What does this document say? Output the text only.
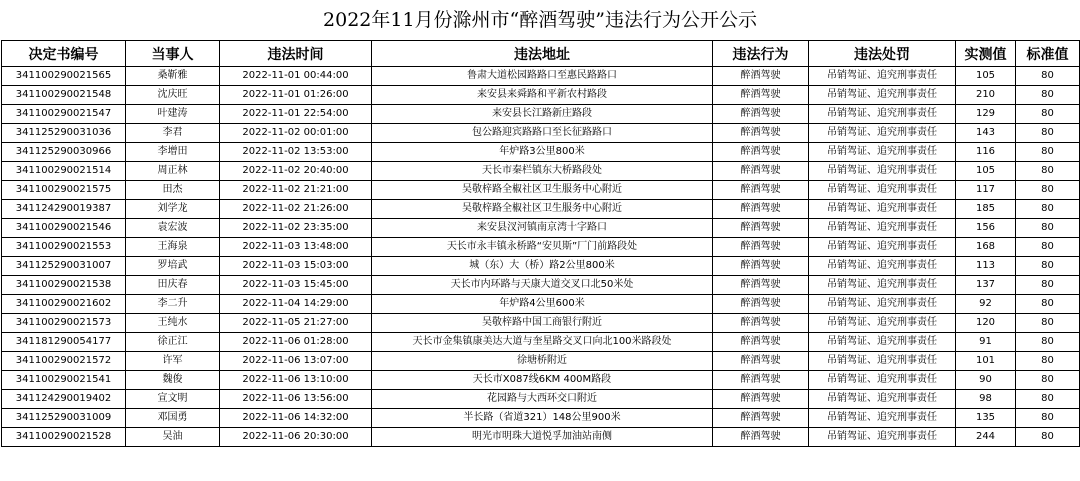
2022年11月份滁州市“醉酒驾驶”违法行为公开公示
决定书编号	当事人	违法时间	违法地址	违法行为	违法处罚	实测值	标准值
341100290021565	桑靳雅	2022-11-01 00:44:00	鲁肃大道松园路路口至惠民路路口	醉酒驾驶	吊销驾证、追究刑事责任	105	80
341100290021548	沈庆旺	2022-11-01 01:26:00	来安县来舜路和平新农村路段	醉酒驾驶	吊销驾证、追究刑事责任	210	80
341100290021547	叶建涛	2022-11-01 22:54:00	来安县长江路新庄路段	醉酒驾驶	吊销驾证、追究刑事责任	129	80
341125290031036	李君	2022-11-02 00:01:00	包公路迎宾路路口至长征路路口	醉酒驾驶	吊销驾证、追究刑事责任	143	80
341125290030966	李增田	2022-11-02 13:53:00	年炉路3公里800米	醉酒驾驶	吊销驾证、追究刑事责任	116	80
341100290021514	周正林	2022-11-02 20:40:00	天长市秦栏镇东大桥路段处	醉酒驾驶	吊销驾证、追究刑事责任	105	80
341100290021575	田杰	2022-11-02 21:21:00	吴敬梓路全椒社区卫生服务中心附近	醉酒驾驶	吊销驾证、追究刑事责任	117	80
341124290019387	刘学龙	2022-11-02 21:26:00	吴敬梓路全椒社区卫生服务中心附近	醉酒驾驶	吊销驾证、追究刑事责任	185	80
341100290021546	袁宏波	2022-11-02 23:35:00	来安县汊河镇南京湾十字路口	醉酒驾驶	吊销驾证、追究刑事责任	156	80
341100290021553	王海泉	2022-11-03 13:48:00	天长市永丰镇永桥路“安贝斯”厂门前路段处	醉酒驾驶	吊销驾证、追究刑事责任	168	80
341125290031007	罗培武	2022-11-03 15:03:00	城（东）大（桥）路2公里800米	醉酒驾驶	吊销驾证、追究刑事责任	113	80
341100290021538	田庆春	2022-11-03 15:45:00	天长市内环路与天康大道交叉口北50米处	醉酒驾驶	吊销驾证、追究刑事责任	137	80
341100290021602	李二升	2022-11-04 14:29:00	年炉路4公里600米	醉酒驾驶	吊销驾证、追究刑事责任	92	80
341100290021573	王纯水	2022-11-05 21:27:00	吴敬梓路中国工商银行附近	醉酒驾驶	吊销驾证、追究刑事责任	120	80
341181290054177	徐正江	2022-11-06 01:28:00	天长市金集镇康美达大道与奎星路交叉口向北100米路段处	醉酒驾驶	吊销驾证、追究刑事责任	91	80
341100290021572	许军	2022-11-06 13:07:00	徐塘桥附近	醉酒驾驶	吊销驾证、追究刑事责任	101	80
341100290021541	魏俊	2022-11-06 13:10:00	天长市X087线6KM 400M路段	醉酒驾驶	吊销驾证、追究刑事责任	90	80
341124290019402	宣文明	2022-11-06 13:56:00	花园路与大西环交口附近	醉酒驾驶	吊销驾证、追究刑事责任	98	80
341125290031009	邓国勇	2022-11-06 14:32:00	半长路（省道321）148公里900米	醉酒驾驶	吊销驾证、追究刑事责任	135	80
341100290021528	吴油	2022-11-06 20:30:00	明光市明珠大道悦孚加油站南侧	醉酒驾驶	吊销驾证、追究刑事责任	244	80
